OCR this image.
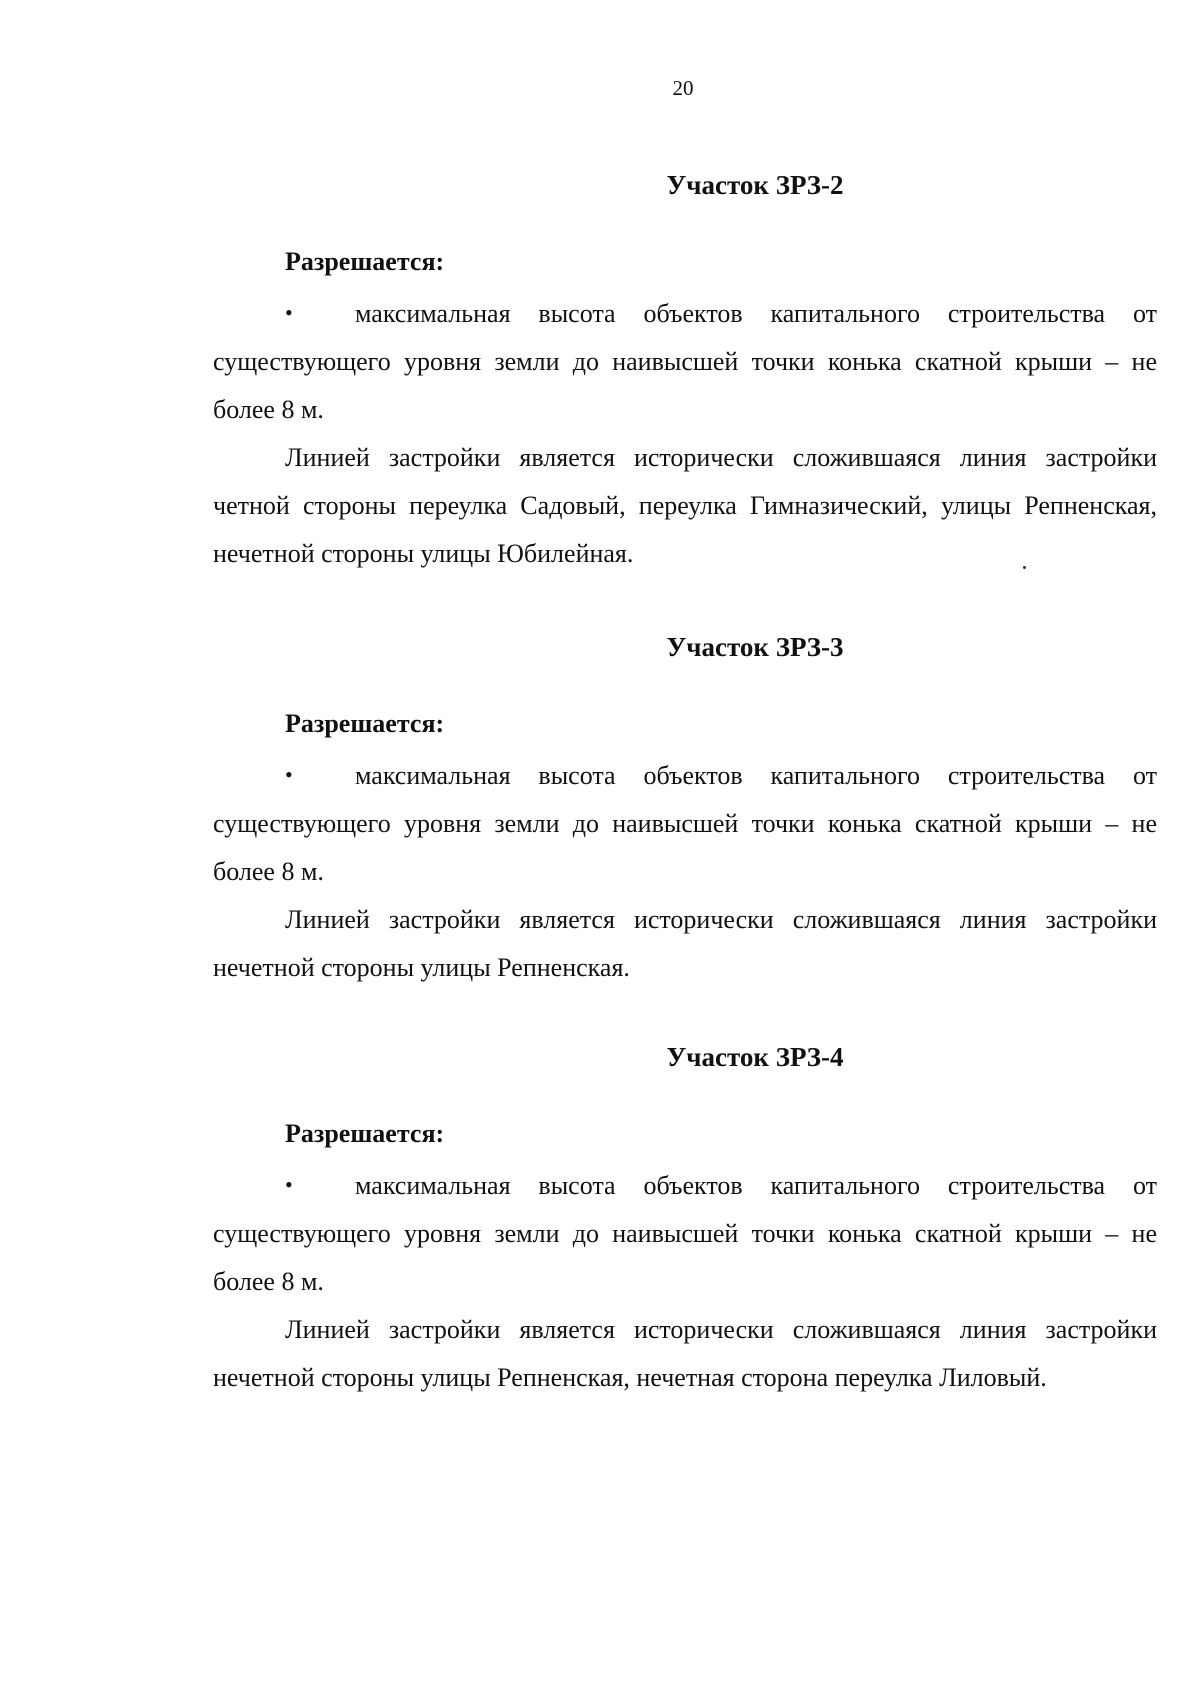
20
Участок ЗРЗ-2
Разрешается:

• максимальная высота объектов капитального строительства от существующего уровня земли до наивысшей точки конька скатной крыши – не более 8 м.

Линией застройки является исторически сложившаяся линия застройки четной стороны переулка Садовый, переулка Гимназический, улицы Репненская, нечетной стороны улицы Юбилейная.

Участок ЗРЗ-3
Разрешается:

• максимальная высота объектов капитального строительства от существующего уровня земли до наивысшей точки конька скатной крыши – не более 8 м.

Линией застройки является исторически сложившаяся линия застройки нечетной стороны улицы Репненская.

Участок ЗРЗ-4
Разрешается:

• максимальная высота объектов капитального строительства от существующего уровня земли до наивысшей точки конька скатной крыши – не более 8 м.

Линией застройки является исторически сложившаяся линия застройки нечетной стороны улицы Репненская, нечетная сторона переулка Лиловый.
